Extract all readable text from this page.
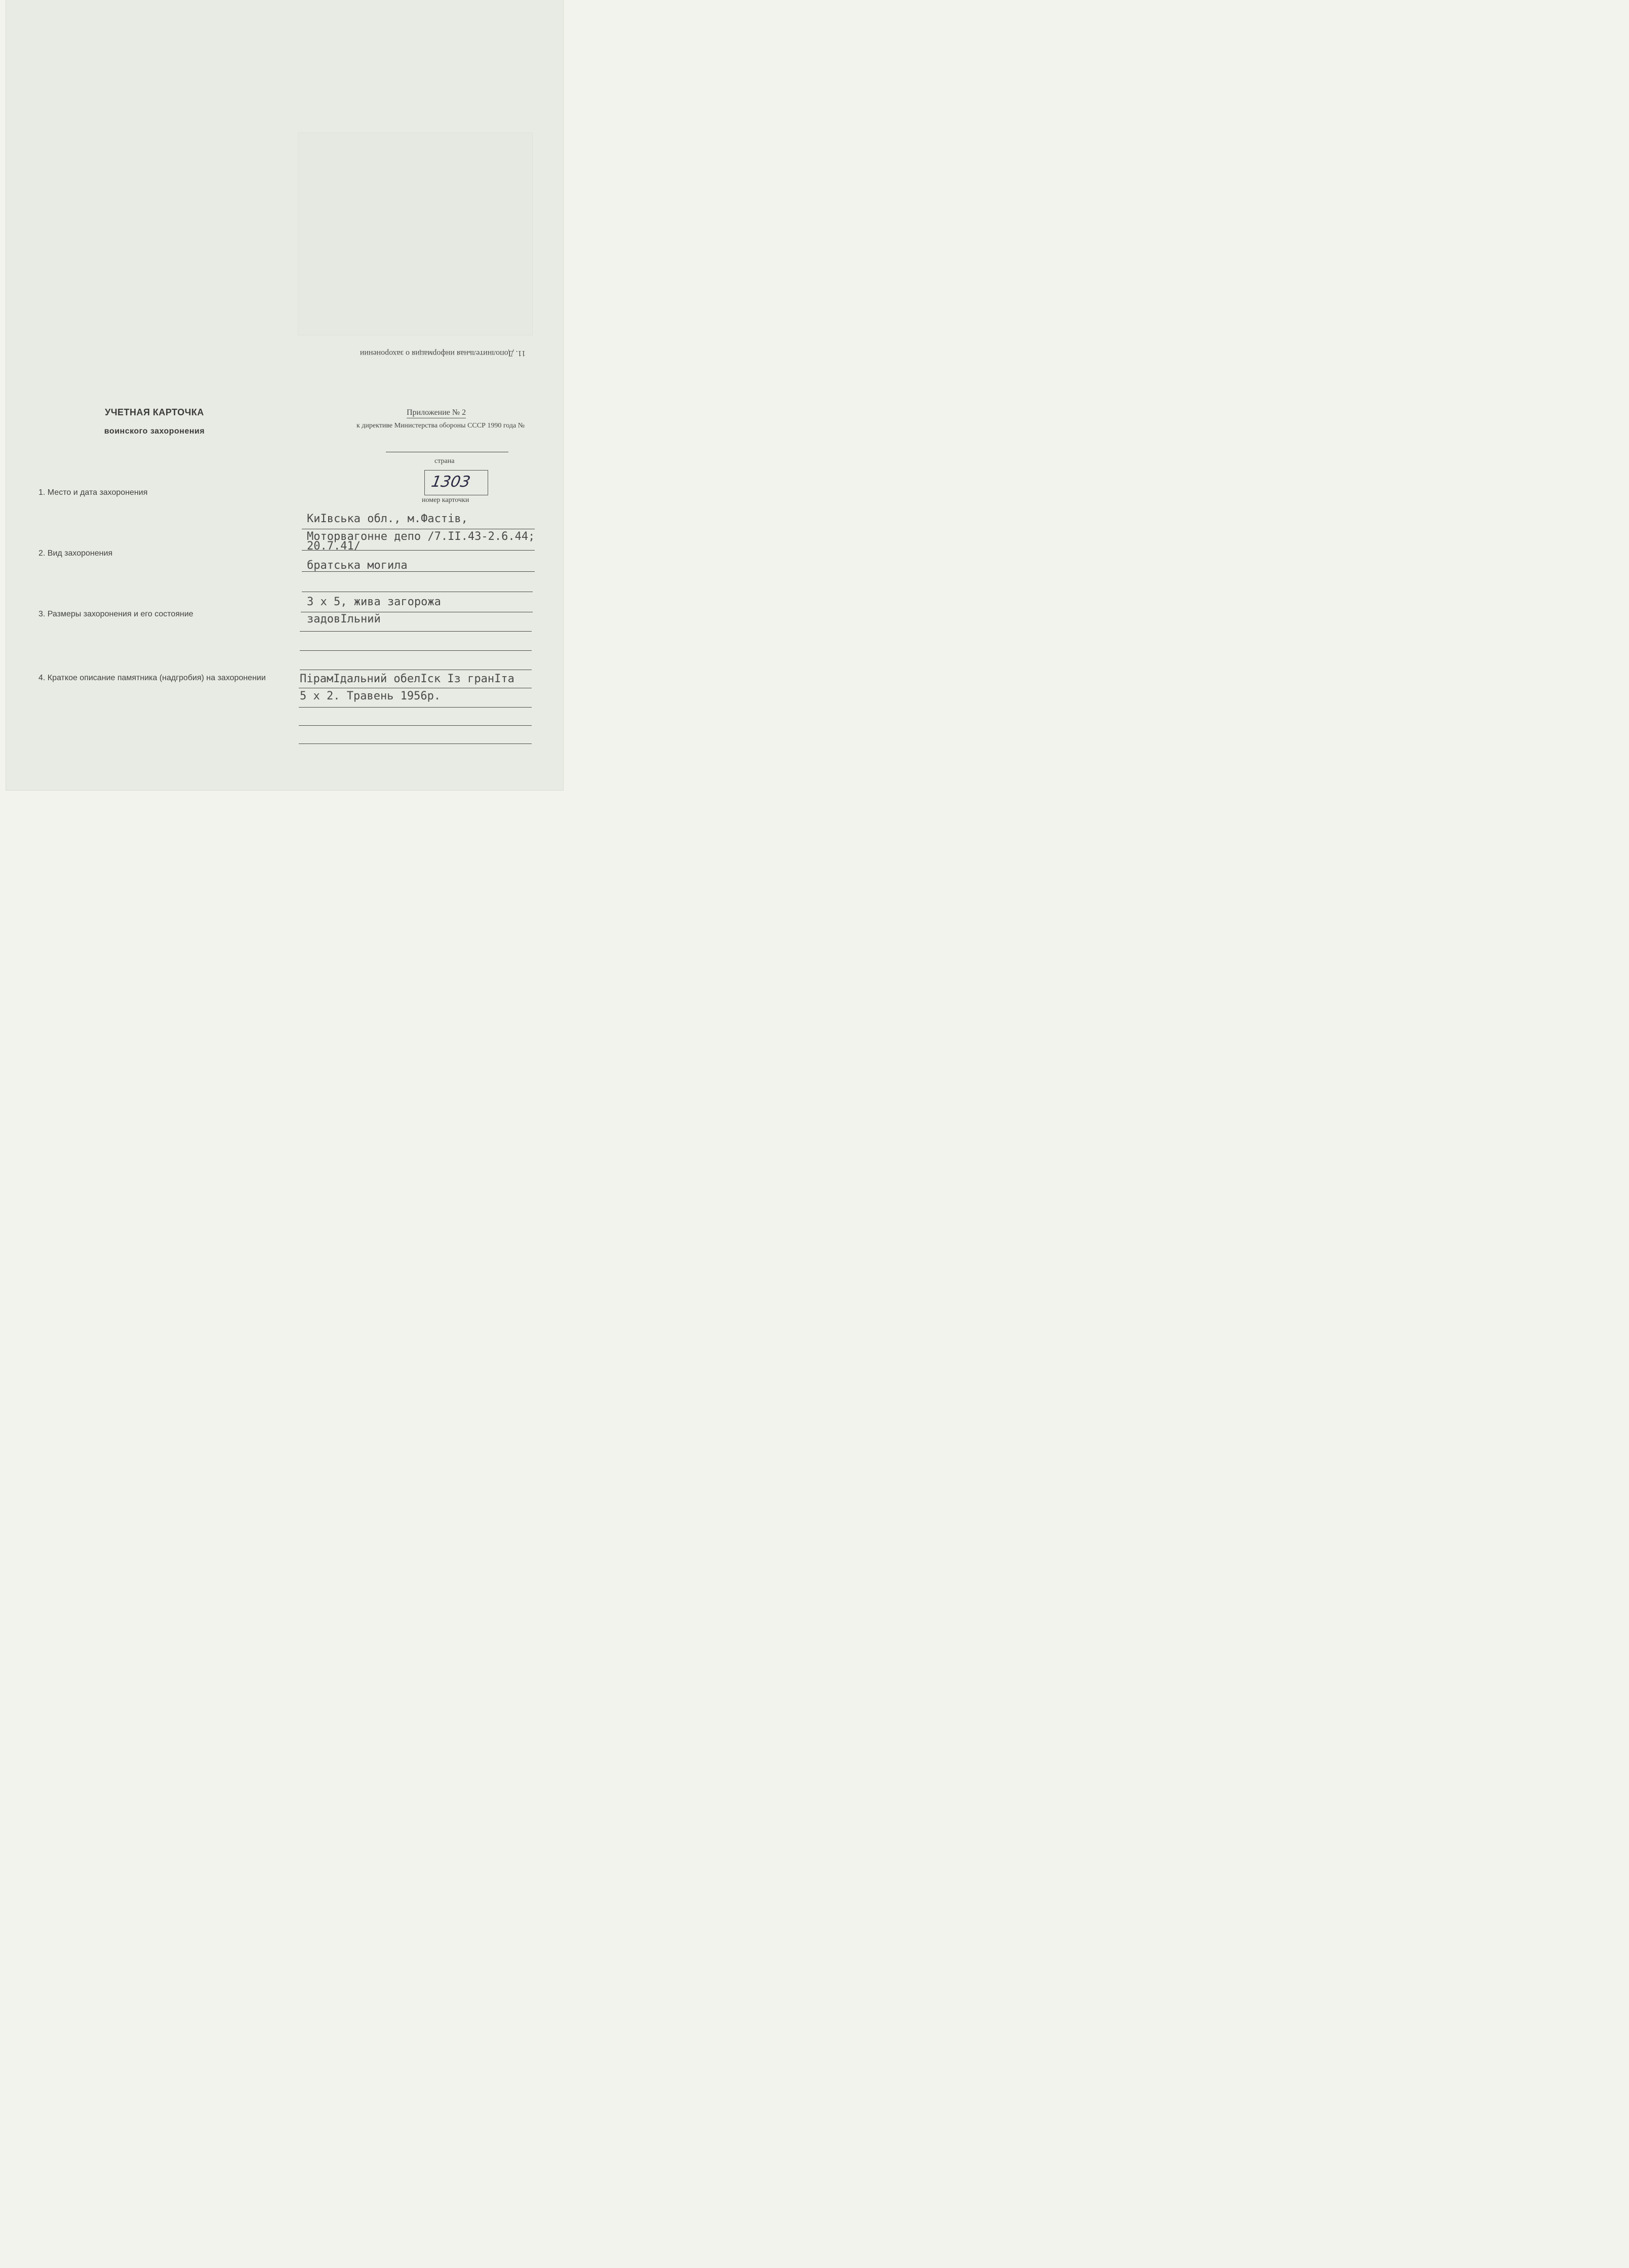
11. Дополнительная информация о захоронении
УЧЕТНАЯ КАРТОЧКА
воинского захоронения
Приложение № 2
к директиве Министерства обороны СССР 1990 года №
страна
1303
номер карточки
1. Место и дата захоронения
КиІвська обл., м.Фастів,
Моторвагонне депо /7.II.43-2.6.44;
20.7.41/
2. Вид захоронения
братська могила
3. Размеры захоронения и его состояние
3 х 5, жива загорожа
задовІльний
4. Краткое описание памятника (надгробия) на захоронении	ПірамІдальний обелІск Із гранІта
5 х 2. Травень 1956р.
